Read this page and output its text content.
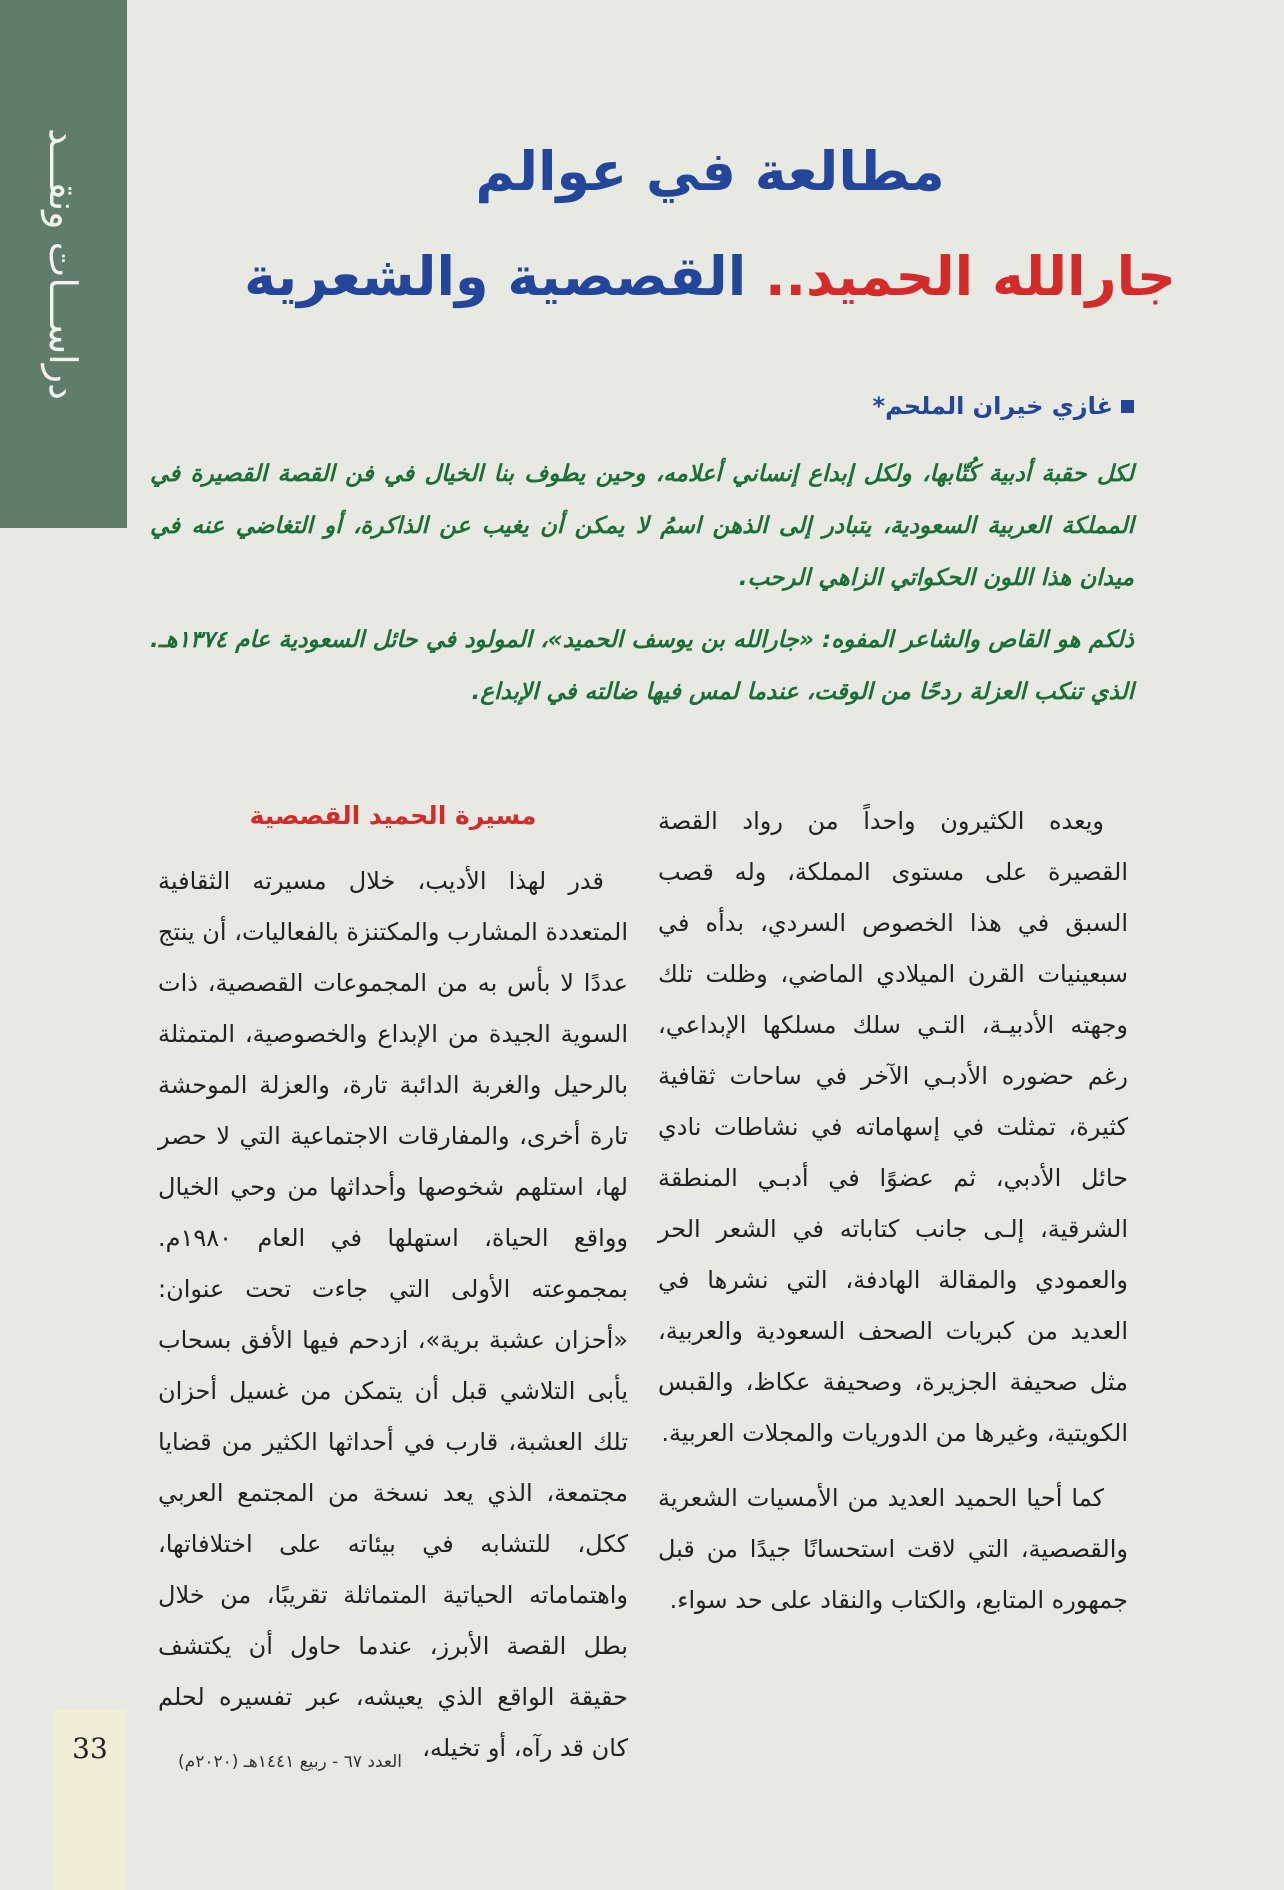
دراســـات ونقـــد	مطالعة في عوالم
جارالله الحميد.. القصصية والشعرية
غازي خيران الملحم*

لكل حقبة أدبية كُتّابها، ولكل إبداع إنساني أعلامه، وحين يطوف بنا الخيال في فن القصة القصيرة في المملكة العربية السعودية، يتبادر إلى الذهن اسمُ لا يمكن أن يغيب عن الذاكرة، أو التغاضي عنه في ميدان هذا اللون الحكواتي الزاهي الرحب.

ذلكم هو القاص والشاعر المفوه: «جارالله بن يوسف الحميد»، المولود في حائل السعودية عام ١٣٧٤هـ. الذي تنكب العزلة ردحًا من الوقت، عندما لمس فيها ضالته في الإبداع.

ويعده الكثيرون واحداً من رواد القصة القصيرة على مستوى المملكة، وله قصب السبق في هذا الخصوص السردي، بدأه في سبعينيات القرن الميلادي الماضي، وظلت تلك وجهته الأدبيـة، التـي سلك مسلكها الإبداعي، رغم حضوره الأدبـي الآخر في ساحات ثقافية كثيرة، تمثلت في إسهاماته في نشاطات نادي حائل الأدبي، ثم عضوًا في أدبـي المنطقة الشرقية، إلـى جانب كتاباته في الشعر الحر والعمودي والمقالة الهادفة، التي نشرها في العديد من كبريات الصحف السعودية والعربية، مثل صحيفة الجزيرة، وصحيفة عكاظ، والقبس الكويتية، وغيرها من الدوريات والمجلات العربية.

كما أحيا الحميد العديد من الأمسيات الشعرية والقصصية، التي لاقت استحسانًا جيدًا من قبل جمهوره المتابع، والكتاب والنقاد على حد سواء.

مسيرة الحميد القصصية

قدر لهذا الأديب، خلال مسيرته الثقافية المتعددة المشارب والمكتنزة بالفعاليات، أن ينتج عددًا لا بأس به من المجموعات القصصية، ذات السوية الجيدة من الإبداع والخصوصية، المتمثلة بالرحيل والغربة الدائبة تارة، والعزلة الموحشة تارة أخرى، والمفارقات الاجتماعية التي لا حصر لها، استلهم شخوصها وأحداثها من وحي الخيال وواقع الحياة، استهلها في العام ١٩٨٠م. بمجموعته الأولى التي جاءت تحت عنوان: «أحزان عشبة برية»، ازدحم فيها الأفق بسحاب يأبى التلاشي قبل أن يتمكن من غسيل أحزان تلك العشبة، قارب في أحداثها الكثير من قضايا مجتمعة، الذي يعد نسخة من المجتمع العربي ككل، للتشابه في بيئاته على اختلافاتها، واهتماماته الحياتية المتماثلة تقريبًا، من خلال بطل القصة الأبرز، عندما حاول أن يكتشف حقيقة الواقع الذي يعيشه، عبر تفسيره لحلم كان قد رآه، أو تخيله،

33	العدد ٦٧ - ربيع ١٤٤١هـ (٢٠٢٠م)
